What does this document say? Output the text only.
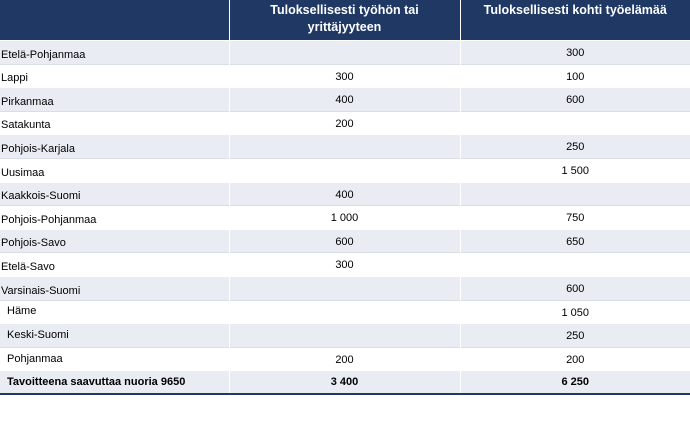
	Tuloksellisesti työhön tai yrittäjyyteen	Tuloksellisesti kohti työelämää
Etelä-Pohjanmaa		300
Lappi	300	100
Pirkanmaa	400	600
Satakunta	200	
Pohjois-Karjala		250
Uusimaa		1 500
Kaakkois-Suomi	400	
Pohjois-Pohjanmaa	1 000	750
Pohjois-Savo	600	650
Etelä-Savo	300	
Varsinais-Suomi		600
Häme		1 050
Keski-Suomi		250
Pohjanmaa	200	200
Tavoitteena saavuttaa nuoria 9650	3 400	6 250
